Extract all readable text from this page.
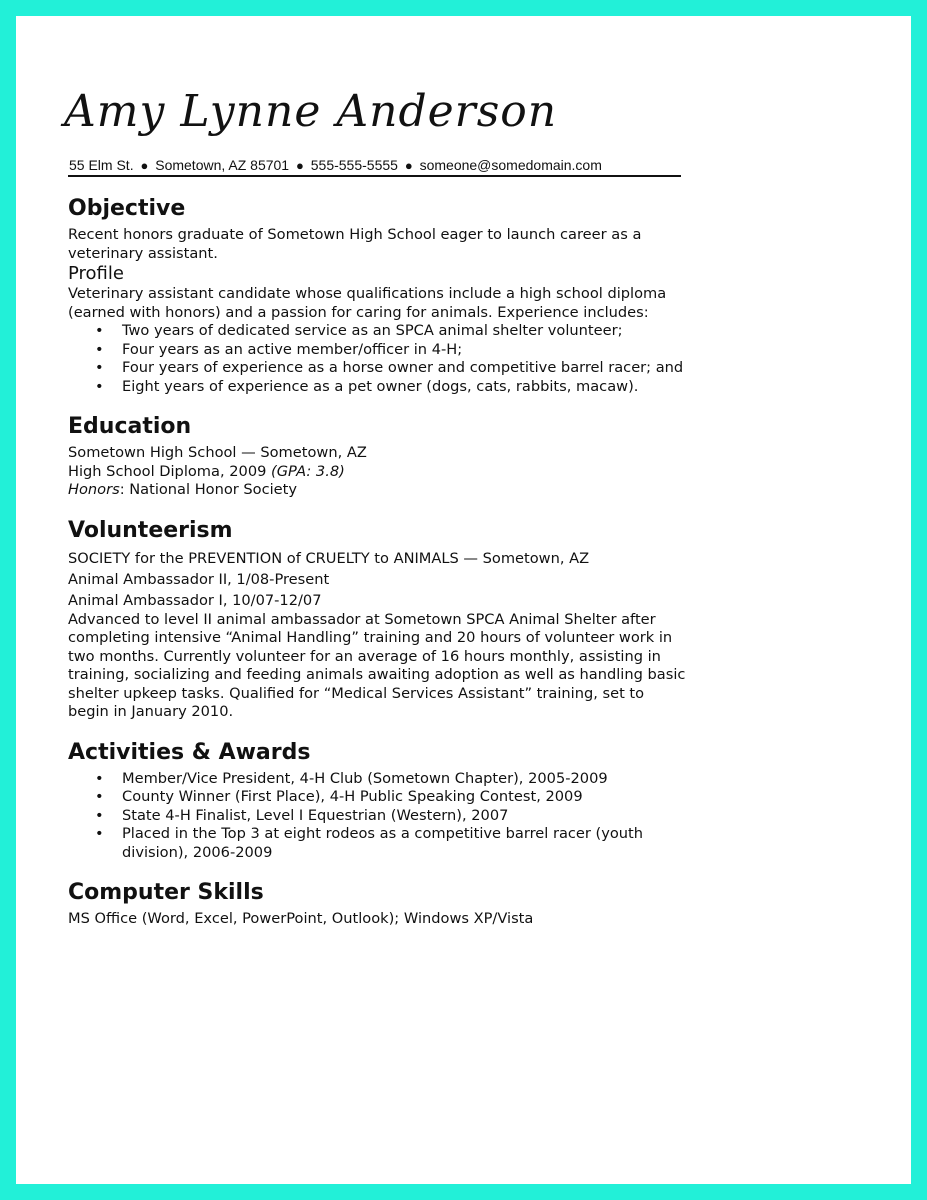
Amy Lynne Anderson
55 Elm St. ● Sometown, AZ 85701 ● 555-555-5555 ● someone@somedomain.com
Objective

Recent honors graduate of Sometown High School eager to launch career as a veterinary assistant.

Profile

Veterinary assistant candidate whose qualifications include a high school diploma (earned with honors) and a passion for caring for animals. Experience includes:

• Two years of dedicated service as an SPCA animal shelter volunteer;
• Four years as an active member/officer in 4-H;
• Four years of experience as a horse owner and competitive barrel racer; and
• Eight years of experience as a pet owner (dogs, cats, rabbits, macaw).
Education

Sometown High School — Sometown, AZ

High School Diploma, 2009 (GPA: 3.8)

Honors: National Honor Society

Volunteerism

SOCIETY for the PREVENTION of CRUELTY to ANIMALS — Sometown, AZ

Animal Ambassador II, 1/08-Present

Animal Ambassador I, 10/07-12/07

Advanced to level II animal ambassador at Sometown SPCA Animal Shelter after completing intensive “Animal Handling” training and 20 hours of volunteer work in two months. Currently volunteer for an average of 16 hours monthly, assisting in training, socializing and feeding animals awaiting adoption as well as handling basic shelter upkeep tasks. Qualified for “Medical Services Assistant” training, set to begin in January 2010.

Activities & Awards
• Member/Vice President, 4-H Club (Sometown Chapter), 2005-2009
• County Winner (First Place), 4-H Public Speaking Contest, 2009
• State 4-H Finalist, Level I Equestrian (Western), 2007
• Placed in the Top 3 at eight rodeos as a competitive barrel racer (youth division), 2006-2009
Computer Skills

MS Office (Word, Excel, PowerPoint, Outlook); Windows XP/Vista
